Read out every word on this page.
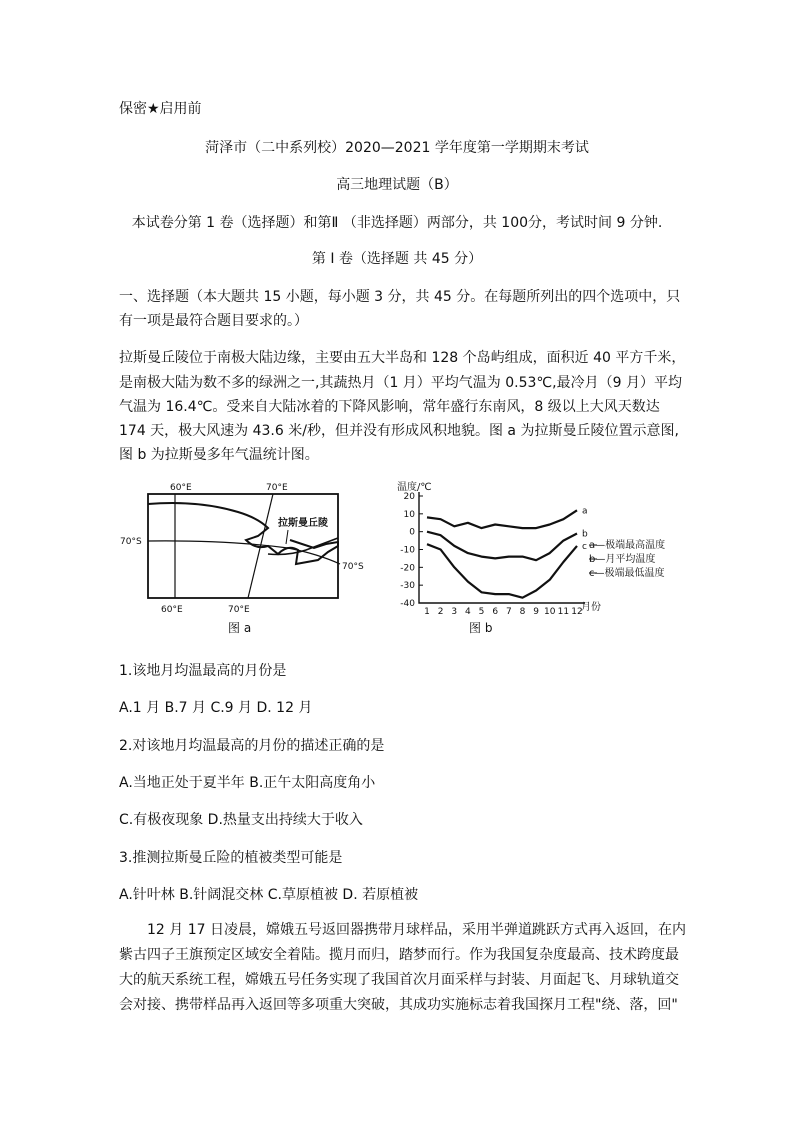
保密★启用前
菏泽市（二中系列校）2020—2021 学年度第一学期期末考试
高三地理试题（B）
本试卷分第 1 卷（选择题）和第Ⅱ （非选择题）两部分，共 100分，考试时间 9 分钟.
第 I 卷（选择题 共 45 分）
一、选择题（本大题共 15 小题，每小题 3 分，共 45 分。在每题所列出的四个选项中，只
有一项是最符合题目要求的。）
拉斯曼丘陵位于南极大陆边缘，主要由五大半岛和 128 个岛屿组成，面积近 40 平方千米，
是南极大陆为数不多的绿洲之一,其蔬热月（1 月）平均气温为 0.53℃,最冷月（9 月）平均
气温为 16.4℃。受来自大陆冰着的下降风影响，常年盛行东南风，8 级以上大风天数达
174 天，极大风速为 43.6 米/秒，但并没有形成风积地貌。图 a 为拉斯曼丘陵位置示意图,
图 b 为拉斯曼多年气温统计图。
拉斯曼丘陵
60°E	70°E
70°S
70°S
60°E	70°E
图 a
温度/℃
20
10
0
-10
-20
-30
-40
1 2 3 4 5 6 7 8 9 10 11 12
a
b
c a—极端最高温度
b—月平均温度
c—极端最低温度
月份
图 b
1.该地月均温最高的月份是
A.1 月 B.7 月 C.9 月 D. 12 月
2.对该地月均温最高的月份的描述正确的是
A.当地正处于夏半年 B.正午太阳高度角小
C.有极夜现象 D.热量支出持续大于收入
3.推测拉斯曼丘险的植被类型可能是
A.针叶林 B.针阔混交林 C.草原植被 D. 若原植被
12 月 17 日凌晨，嫦娥五号返回器携带月球样品，采用半弹道跳跃方式再入返回，在内
紫古四子王旗预定区域安全着陆。揽月而归，踏梦而行。作为我国复杂度最高、技术跨度最
大的航天系统工程，嫦娥五号任务实现了我国首次月面采样与封装、月面起飞、月球轨道交
会对接、携带样品再入返回等多项重大突破，其成功实施标志着我国探月工程"绕、落，回"
